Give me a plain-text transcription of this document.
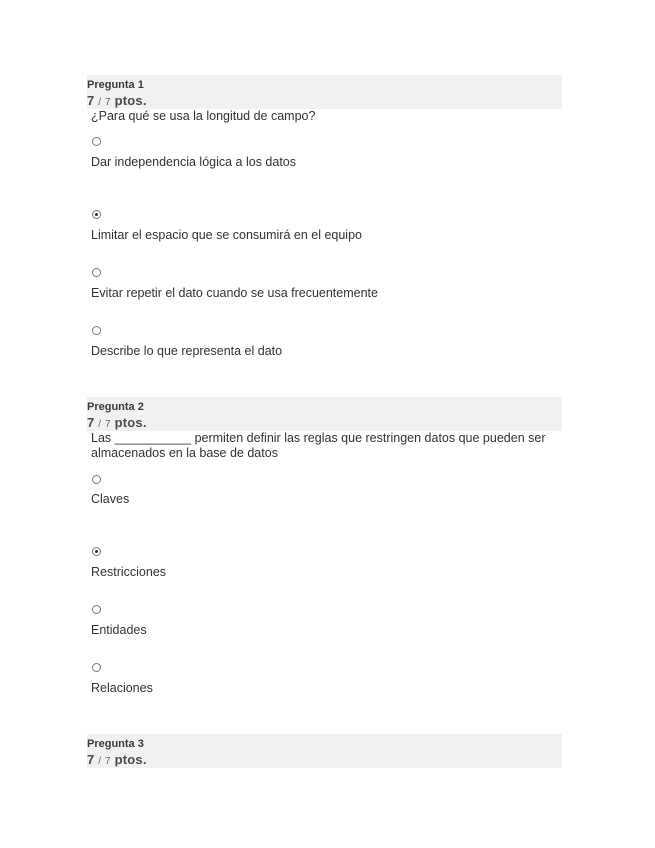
Pregunta 1
7 / 7 ptos.
¿Para qué se usa la longitud de campo?
Dar independencia lógica a los datos
Limitar el espacio que se consumirá en el equipo
Evitar repetir el dato cuando se usa frecuentemente
Describe lo que representa el dato
Pregunta 2
7 / 7 ptos.
Las ___________ permiten definir las reglas que restringen datos que pueden ser almacenados en la base de datos
Claves
Restricciones
Entidades
Relaciones
Pregunta 3
7 / 7 ptos.
